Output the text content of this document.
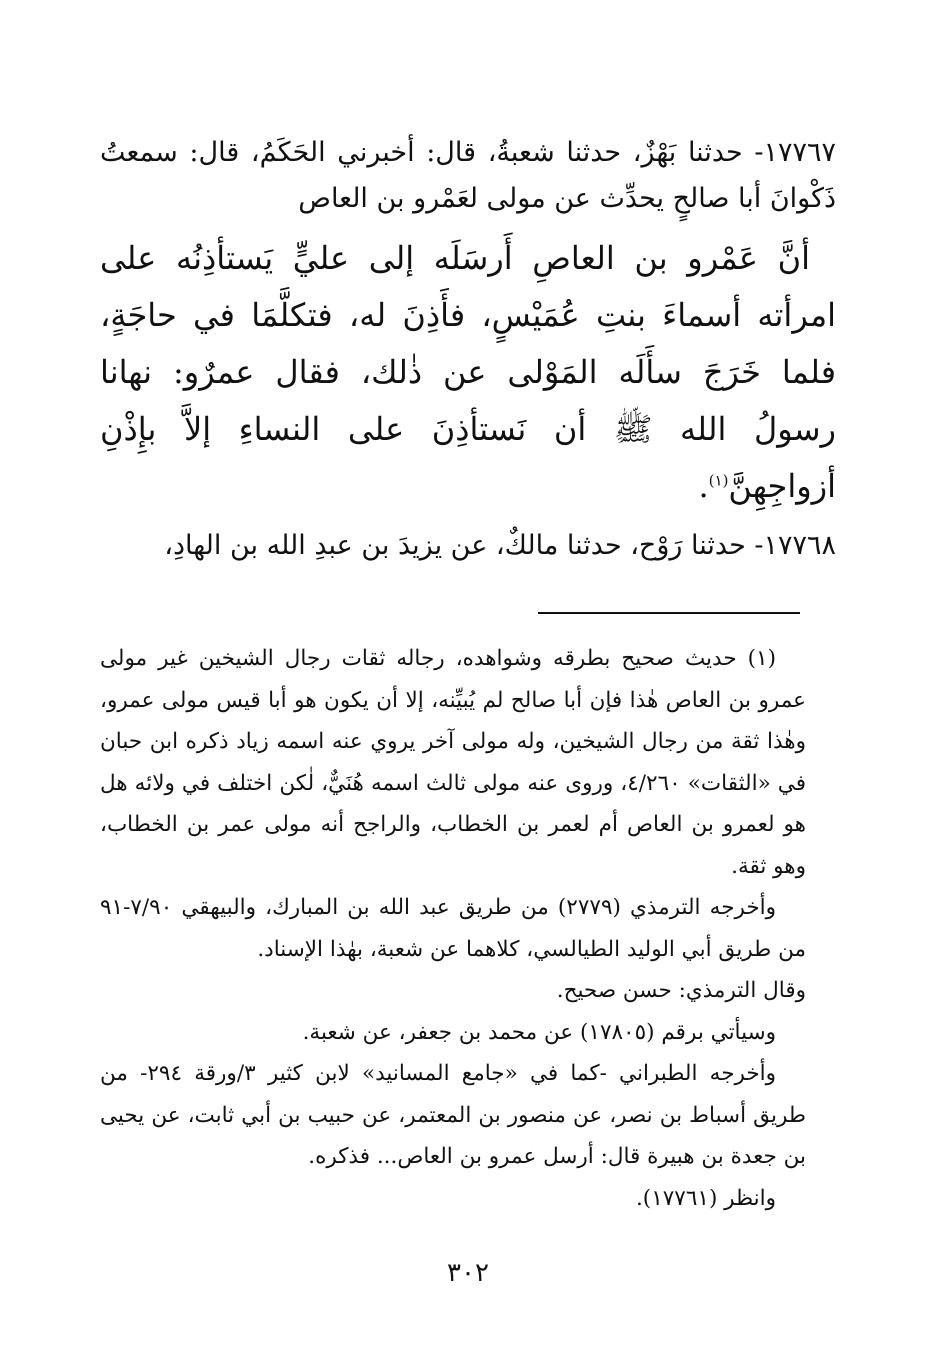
١٧٧٦٧- حدثنا بَهْزٌ، حدثنا شعبةُ، قال: أخبرني الحَكَمُ، قال: سمعتُ ذَكْوانَ أبا صالحٍ يحدِّث عن مولى لعَمْرو بن العاص

أنَّ عَمْرو بن العاصِ أَرسَلَه إلى عليٍّ يَستأذِنُه على امرأته أسماءَ بنتِ عُمَيْسٍ، فأَذِنَ له، فتكلَّمَا في حاجَةٍ، فلما خَرَجَ سأَلَه المَوْلى عن ذٰلك، فقال عمرٌو: نهانا رسولُ الله ﷺ أن نَستأذِنَ على النساءِ إلاَّ بإِذْنِ أزواجِهِنَّ$^{(١)}$.

١٧٧٦٨- حدثنا رَوْح، حدثنا مالكٌ، عن يزيدَ بن عبدِ الله بن الهادِ،

(١) حديث صحيح بطرقه وشواهده، رجاله ثقات رجال الشيخين غير مولى عمرو بن العاص هٰذا فإن أبا صالح لم يُبيِّنه، إلا أن يكون هو أبا قيس مولى عمرو، وهٰذا ثقة من رجال الشيخين، وله مولى آخر يروي عنه اسمه زياد ذكره ابن حبان في «الثقات» ٤/٢٦٠، وروى عنه مولى ثالث اسمه هُنَيٌّ، لٰكن اختلف في ولائه هل هو لعمرو بن العاص أم لعمر بن الخطاب، والراجح أنه مولى عمر بن الخطاب، وهو ثقة.

وأخرجه الترمذي (٢٧٧٩) من طريق عبد الله بن المبارك، والبيهقي ٧/٩٠-٩١ من طريق أبي الوليد الطيالسي، كلاهما عن شعبة، بهٰذا الإسناد.

وقال الترمذي: حسن صحيح.

وسيأتي برقم (١٧٨٠٥) عن محمد بن جعفر، عن شعبة.

وأخرجه الطبراني -كما في «جامع المسانيد» لابن كثير ٣/ورقة ٢٩٤- من طريق أسباط بن نصر، عن منصور بن المعتمر، عن حبيب بن أبي ثابت، عن يحيى بن جعدة بن هبيرة قال: أرسل عمرو بن العاص... فذكره.

وانظر (١٧٧٦١).

٣٠٢
